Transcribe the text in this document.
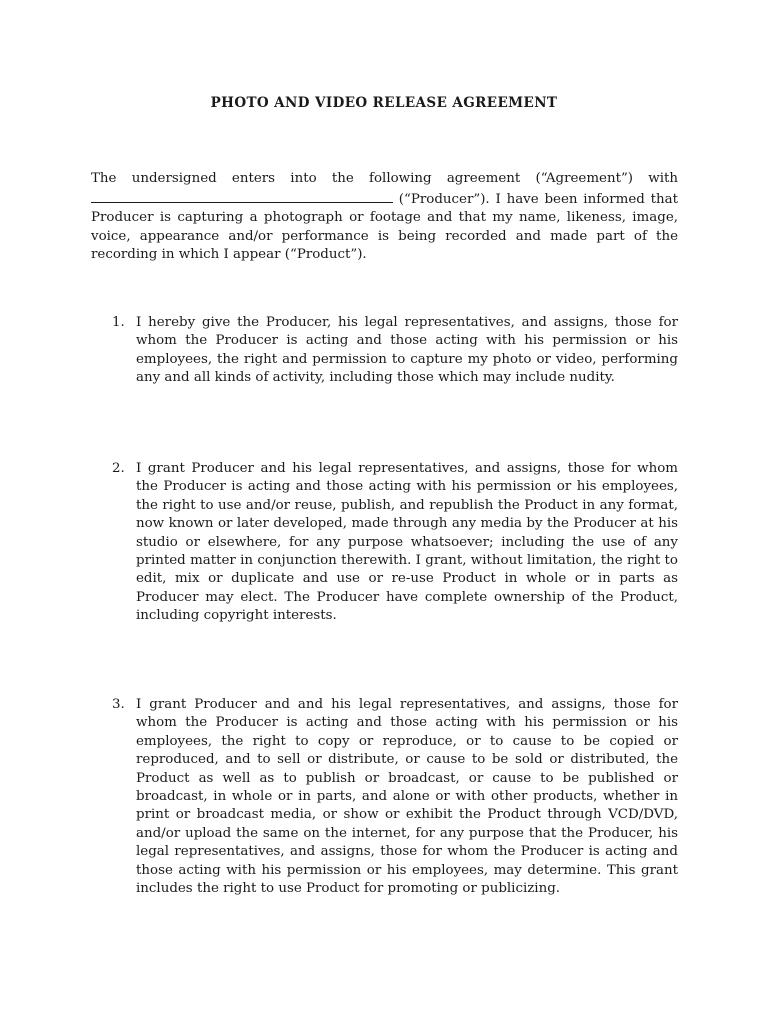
PHOTO AND VIDEO RELEASE AGREEMENT
The undersigned enters into the following agreement (“Agreement”) with  (“Producer”). I have been informed that Producer is capturing a photograph or footage and that my name, likeness, image, voice, appearance and/or performance is being recorded and made part of the recording in which I appear (“Product”).
1. I hereby give the Producer, his legal representatives, and assigns, those for whom the Producer is acting and those acting with his permission or his employees, the right and permission to capture my photo or video, performing any and all kinds of activity, including those which may include nudity.
2. I grant Producer and his legal representatives, and assigns, those for whom the Producer is acting and those acting with his permission or his employees, the right to use and/or reuse, publish, and republish the Product in any format, now known or later developed, made through any media by the Producer at his studio or elsewhere, for any purpose whatsoever; including the use of any printed matter in conjunction therewith. I grant, without limitation, the right to edit, mix or duplicate and use or re-use Product in whole or in parts as Producer may elect. The Producer have complete ownership of the Product, including copyright interests.
3. I grant Producer and and his legal representatives, and assigns, those for whom the Producer is acting and those acting with his permission or his employees, the right to copy or reproduce, or to cause to be copied or reproduced, and to sell or distribute, or cause to be sold or distributed, the Product as well as to publish or broadcast, or cause to be published or broadcast, in whole or in parts, and alone or with other products, whether in print or broadcast media, or show or exhibit the Product through VCD/DVD, and/or upload the same on the internet, for any purpose that the Producer, his legal representatives, and assigns, those for whom the Producer is acting and those acting with his permission or his employees, may determine. This grant includes the right to use Product for promoting or publicizing.
